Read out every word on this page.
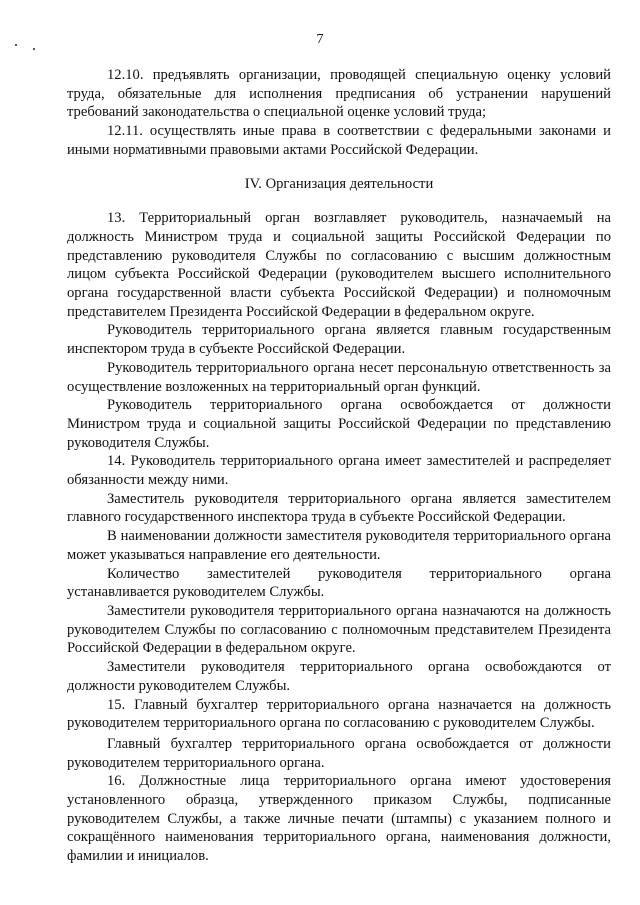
7

12.10. предъявлять организации, проводящей специальную оценку условий труда, обязательные для исполнения предписания об устранении нарушений требований законодательства о специальной оценке условий труда;

12.11. осуществлять иные права в соответствии с федеральными законами и иными нормативными правовыми актами Российской Федерации.

IV. Организация деятельности

13. Территориальный орган возглавляет руководитель, назначаемый на должность Министром труда и социальной защиты Российской Федерации по представлению руководителя Службы по согласованию с высшим должностным лицом субъекта Российской Федерации (руководителем высшего исполнительного органа государственной власти субъекта Российской Федерации) и полномочным представителем Президента Российской Федерации в федеральном округе.

Руководитель территориального органа является главным государственным инспектором труда в субъекте Российской Федерации.

Руководитель территориального органа несет персональную ответственность за осуществление возложенных на территориальный орган функций.

Руководитель территориального органа освобождается от должности Министром труда и социальной защиты Российской Федерации по представлению руководителя Службы.

14. Руководитель территориального органа имеет заместителей и распределяет обязанности между ними.

Заместитель руководителя территориального органа является заместителем главного государственного инспектора труда в субъекте Российской Федерации.

В наименовании должности заместителя руководителя территориального органа может указываться направление его деятельности.

Количество заместителей руководителя территориального органа устанавливается руководителем Службы.

Заместители руководителя территориального органа назначаются на должность руководителем Службы по согласованию с полномочным представителем Президента Российской Федерации в федеральном округе.

Заместители руководителя территориального органа освобождаются от должности руководителем Службы.

15. Главный бухгалтер территориального органа назначается на должность руководителем территориального органа по согласованию с руководителем Службы.

Главный бухгалтер территориального органа освобождается от должности руководителем территориального органа.

16. Должностные лица территориального органа имеют удостоверения установленного образца, утвержденного приказом Службы, подписанные руководителем Службы, а также личные печати (штампы) с указанием полного и сокращённого наименования территориального органа, наименования должности, фамилии и инициалов.
